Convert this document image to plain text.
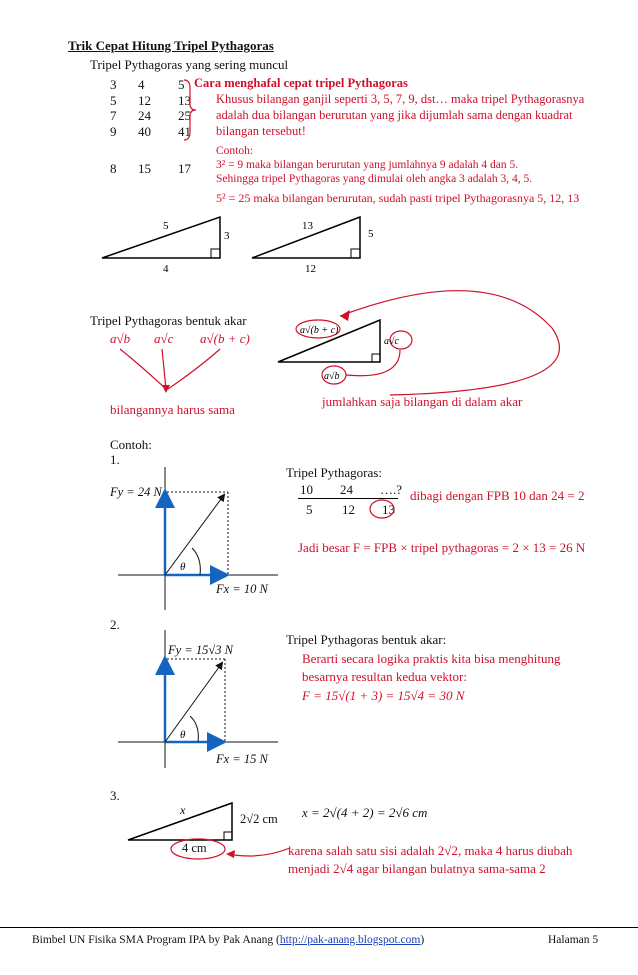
Trik Cepat Hitung Tripel Pythagoras
Tripel Pythagoras yang sering muncul
3	4	5
5	12	13
7	24	25
9	40	41
8	15	17
Cara menghafal cepat tripel Pythagoras
Khusus bilangan ganjil seperti 3, 5, 7, 9, dst… maka tripel Pythagorasnya
adalah dua bilangan berurutan yang jika dijumlah sama dengan kuadrat
bilangan tersebut!
Contoh:
3² = 9 maka bilangan berurutan yang jumlahnya 9 adalah 4 dan 5.
Sehingga tripel Pythagoras yang dimulai oleh angka 3 adalah 3, 4, 5.
5² = 25 maka bilangan berurutan, sudah pasti tripel Pythagorasnya 5, 12, 13
5
3
4
13
5
12
Tripel Pythagoras bentuk akar
a√b a√c a√(b + c)
bilangannya harus sama
a√(b + c)
a√c
a√b
jumlahkan saja bilangan di dalam akar
Contoh:
1.
θ
Fy = 24 N
Fx = 10 N
Tripel Pythagoras:
10 24 ….?
5 12 13
dibagi dengan FPB 10 dan 24 = 2
Jadi besar F = FPB × tripel pythagoras = 2 × 13 = 26 N
2.
θ
Fy = 15√3 N
Fx = 15 N
Tripel Pythagoras bentuk akar:
Berarti secara logika praktis kita bisa menghitung
besarnya resultan kedua vektor:
F = 15√(1 + 3) = 15√4 = 30 N
3.
x
2√2 cm
4 cm
x = 2√(4 + 2) = 2√6 cm
karena salah satu sisi adalah 2√2, maka 4 harus diubah
menjadi 2√4 agar bilangan bulatnya sama-sama 2
Bimbel UN Fisika SMA Program IPA by Pak Anang (http://pak-anang.blogspot.com)	Halaman 5
